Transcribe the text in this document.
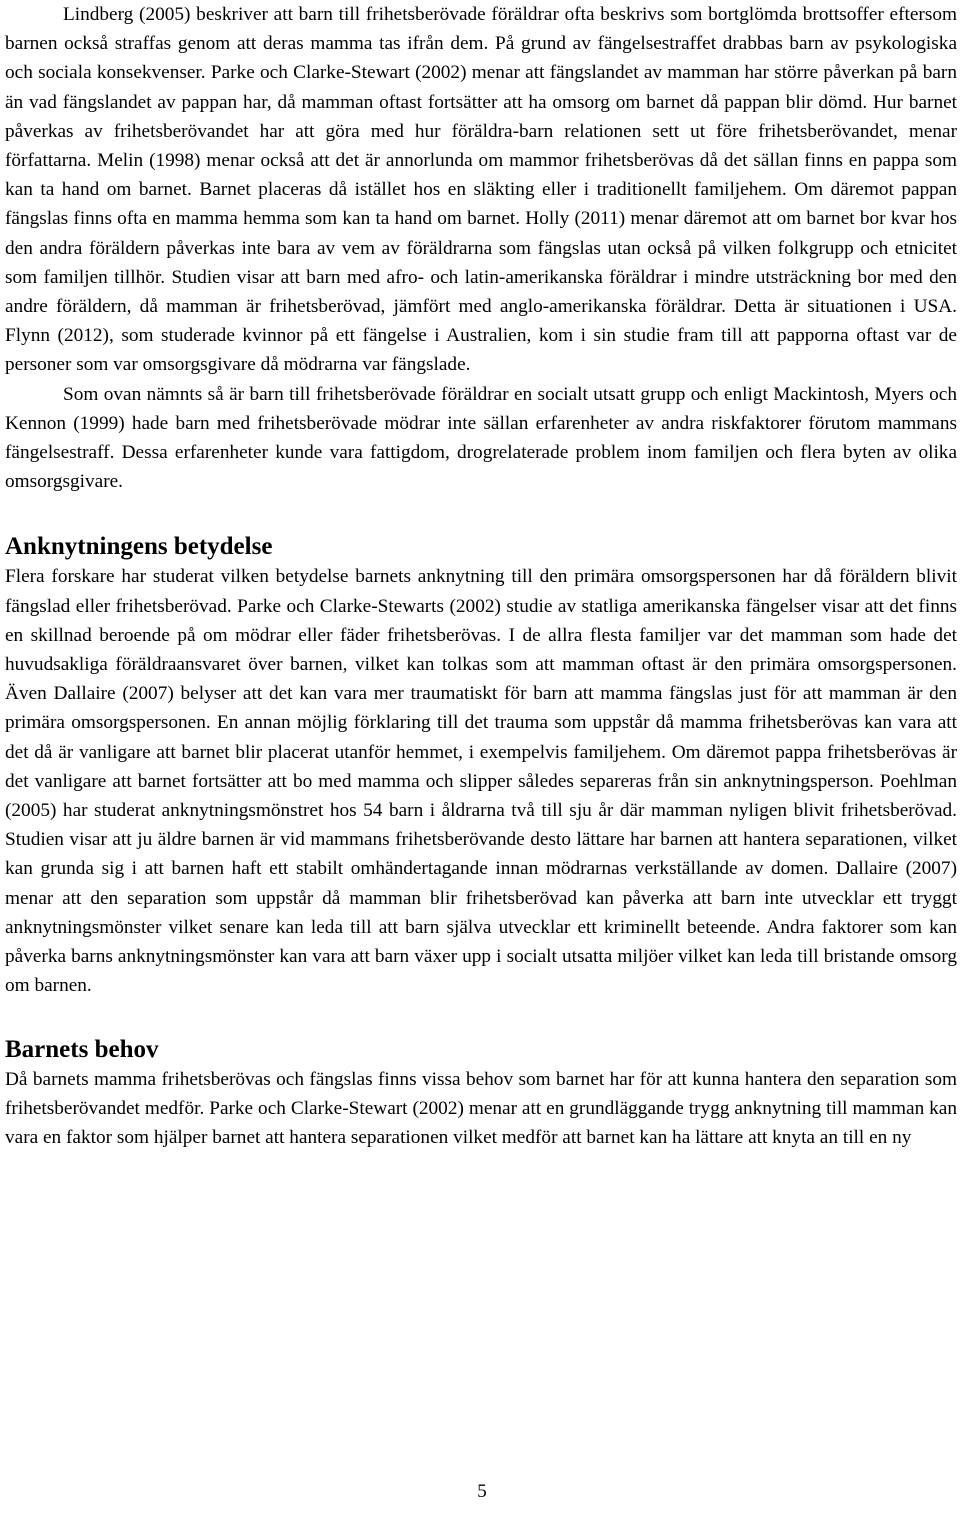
Lindberg (2005) beskriver att barn till frihetsberövade föräldrar ofta beskrivs som bortglömda brottsoffer eftersom barnen också straffas genom att deras mamma tas ifrån dem. På grund av fängelsestraffet drabbas barn av psykologiska och sociala konsekvenser. Parke och Clarke-Stewart (2002) menar att fängslandet av mamman har större påverkan på barn än vad fängslandet av pappan har, då mamman oftast fortsätter att ha omsorg om barnet då pappan blir dömd. Hur barnet påverkas av frihetsberövandet har att göra med hur föräldra-barn relationen sett ut före frihetsberövandet, menar författarna. Melin (1998) menar också att det är annorlunda om mammor frihetsberövas då det sällan finns en pappa som kan ta hand om barnet. Barnet placeras då istället hos en släkting eller i traditionellt familjehem. Om däremot pappan fängslas finns ofta en mamma hemma som kan ta hand om barnet. Holly (2011) menar däremot att om barnet bor kvar hos den andra föräldern påverkas inte bara av vem av föräldrarna som fängslas utan också på vilken folkgrupp och etnicitet som familjen tillhör. Studien visar att barn med afro- och latin-amerikanska föräldrar i mindre utsträckning bor med den andre föräldern, då mamman är frihetsberövad, jämfört med anglo-amerikanska föräldrar. Detta är situationen i USA. Flynn (2012), som studerade kvinnor på ett fängelse i Australien, kom i sin studie fram till att papporna oftast var de personer som var omsorgsgivare då mödrarna var fängslade.

Som ovan nämnts så är barn till frihetsberövade föräldrar en socialt utsatt grupp och enligt Mackintosh, Myers och Kennon (1999) hade barn med frihetsberövade mödrar inte sällan erfarenheter av andra riskfaktorer förutom mammans fängelsestraff. Dessa erfarenheter kunde vara fattigdom, drogrelaterade problem inom familjen och flera byten av olika omsorgsgivare.

Anknytningens betydelse

Flera forskare har studerat vilken betydelse barnets anknytning till den primära omsorgspersonen har då föräldern blivit fängslad eller frihetsberövad. Parke och Clarke-Stewarts (2002) studie av statliga amerikanska fängelser visar att det finns en skillnad beroende på om mödrar eller fäder frihetsberövas. I de allra flesta familjer var det mamman som hade det huvudsakliga föräldraansvaret över barnen, vilket kan tolkas som att mamman oftast är den primära omsorgspersonen. Även Dallaire (2007) belyser att det kan vara mer traumatiskt för barn att mamma fängslas just för att mamman är den primära omsorgspersonen. En annan möjlig förklaring till det trauma som uppstår då mamma frihetsberövas kan vara att det då är vanligare att barnet blir placerat utanför hemmet, i exempelvis familjehem. Om däremot pappa frihetsberövas är det vanligare att barnet fortsätter att bo med mamma och slipper således separeras från sin anknytningsperson. Poehlman (2005) har studerat anknytningsmönstret hos 54 barn i åldrarna två till sju år där mamman nyligen blivit frihetsberövad. Studien visar att ju äldre barnen är vid mammans frihetsberövande desto lättare har barnen att hantera separationen, vilket kan grunda sig i att barnen haft ett stabilt omhändertagande innan mödrarnas verkställande av domen. Dallaire (2007) menar att den separation som uppstår då mamman blir frihetsberövad kan påverka att barn inte utvecklar ett tryggt anknytningsmönster vilket senare kan leda till att barn själva utvecklar ett kriminellt beteende. Andra faktorer som kan påverka barns anknytningsmönster kan vara att barn växer upp i socialt utsatta miljöer vilket kan leda till bristande omsorg om barnen.

Barnets behov

Då barnets mamma frihetsberövas och fängslas finns vissa behov som barnet har för att kunna hantera den separation som frihetsberövandet medför. Parke och Clarke-Stewart (2002) menar att en grundläggande trygg anknytning till mamman kan vara en faktor som hjälper barnet att hantera separationen vilket medför att barnet kan ha lättare att knyta an till en ny

5
